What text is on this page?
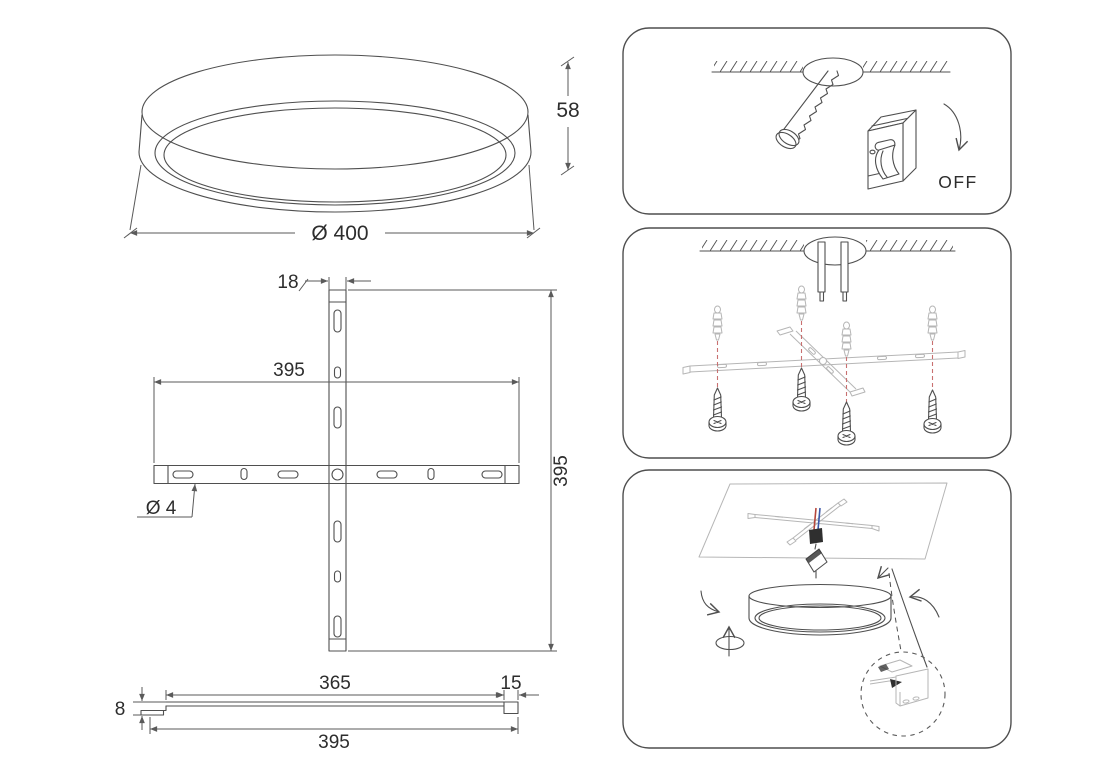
58
Ø 400
18
395
395
Ø 4
8
365	15
395
OFF
